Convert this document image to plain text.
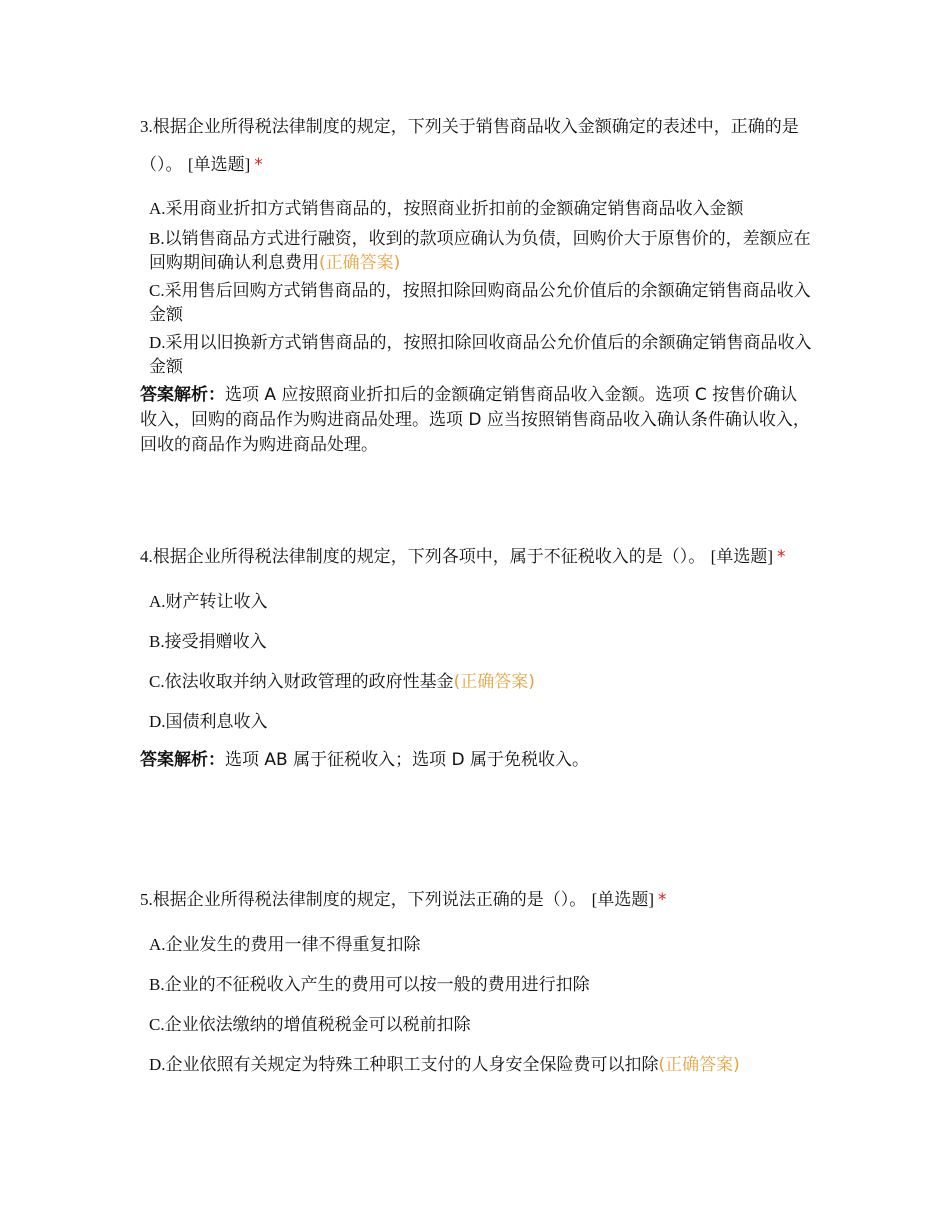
3.根据企业所得税法律制度的规定，下列关于销售商品收入金额确定的表述中，正确的是（）。 [单选题] *

A.采用商业折扣方式销售商品的，按照商业折扣前的金额确定销售商品收入金额

B.以销售商品方式进行融资，收到的款项应确认为负债，回购价大于原售价的，差额应在回购期间确认利息费用(正确答案)

C.采用售后回购方式销售商品的，按照扣除回购商品公允价值后的余额确定销售商品收入金额

D.采用以旧换新方式销售商品的，按照扣除回收商品公允价值后的余额确定销售商品收入金额

答案解析：选项 A 应按照商业折扣后的金额确定销售商品收入金额。选项 C 按售价确认收入，回购的商品作为购进商品处理。选项 D 应当按照销售商品收入确认条件确认收入，回收的商品作为购进商品处理。

4.根据企业所得税法律制度的规定，下列各项中，属于不征税收入的是（）。 [单选题] *

A.财产转让收入

B.接受捐赠收入

C.依法收取并纳入财政管理的政府性基金(正确答案)

D.国债利息收入

答案解析：选项 AB 属于征税收入；选项 D 属于免税收入。

5.根据企业所得税法律制度的规定，下列说法正确的是（）。 [单选题] *

A.企业发生的费用一律不得重复扣除

B.企业的不征税收入产生的费用可以按一般的费用进行扣除

C.企业依法缴纳的增值税税金可以税前扣除

D.企业依照有关规定为特殊工种职工支付的人身安全保险费可以扣除(正确答案)
